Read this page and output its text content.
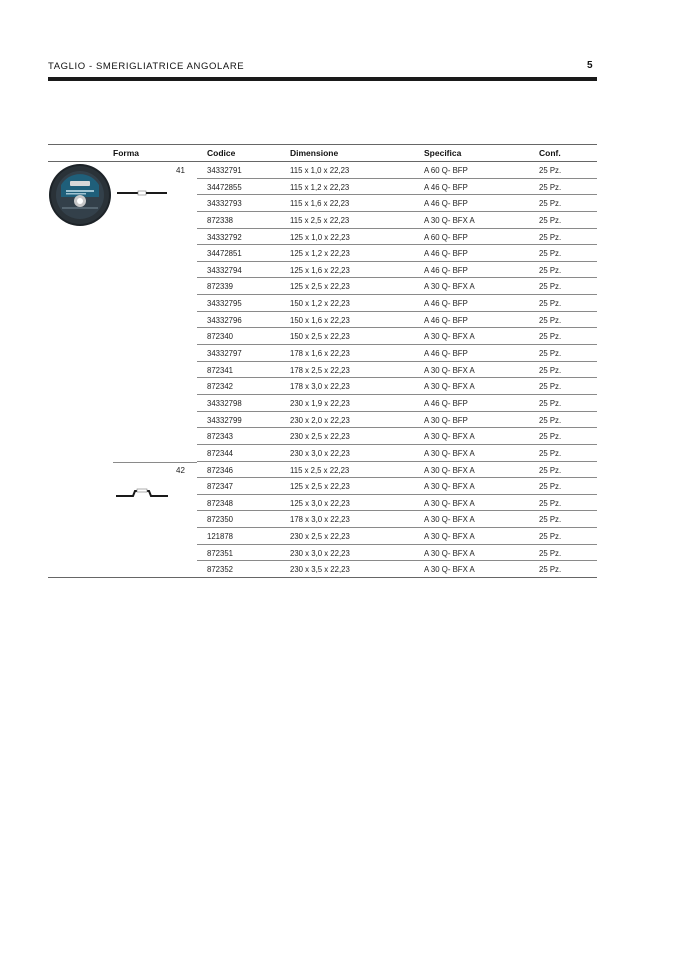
TAGLIO - SMERIGLIATRICE ANGOLARE	5
Forma	Codice	Dimensione	Specifica	Conf.
41
42
34332791	115 x 1,0 x 22,23	A 60 Q- BFP	25 Pz.
34472855	115 x 1,2 x 22,23	A 46 Q- BFP	25 Pz.
34332793	115 x 1,6 x 22,23	A 46 Q- BFP	25 Pz.
872338	115 x 2,5 x 22,23	A 30 Q- BFX A	25 Pz.
34332792	125 x 1,0 x 22,23	A 60 Q- BFP	25 Pz.
34472851	125 x 1,2 x 22,23	A 46 Q- BFP	25 Pz.
34332794	125 x 1,6 x 22,23	A 46 Q- BFP	25 Pz.
872339	125 x 2,5 x 22,23	A 30 Q- BFX A	25 Pz.
34332795	150 x 1,2 x 22,23	A 46 Q- BFP	25 Pz.
34332796	150 x 1,6 x 22,23	A 46 Q- BFP	25 Pz.
872340	150 x 2,5 x 22,23	A 30 Q- BFX A	25 Pz.
34332797	178 x 1,6 x 22,23	A 46 Q- BFP	25 Pz.
872341	178 x 2,5 x 22,23	A 30 Q- BFX A	25 Pz.
872342	178 x 3,0 x 22,23	A 30 Q- BFX A	25 Pz.
34332798	230 x 1,9 x 22,23	A 46 Q- BFP	25 Pz.
34332799	230 x 2,0 x 22,23	A 30 Q- BFP	25 Pz.
872343	230 x 2,5 x 22,23	A 30 Q- BFX A	25 Pz.
872344	230 x 3,0 x 22,23	A 30 Q- BFX A	25 Pz.
872346	115 x 2,5 x 22,23	A 30 Q- BFX A	25 Pz.
872347	125 x 2,5 x 22,23	A 30 Q- BFX A	25 Pz.
872348	125 x 3,0 x 22,23	A 30 Q- BFX A	25 Pz.
872350	178 x 3,0 x 22,23	A 30 Q- BFX A	25 Pz.
121878	230 x 2,5 x 22,23	A 30 Q- BFX A	25 Pz.
872351	230 x 3,0 x 22,23	A 30 Q- BFX A	25 Pz.
872352	230 x 3,5 x 22,23	A 30 Q- BFX A	25 Pz.
